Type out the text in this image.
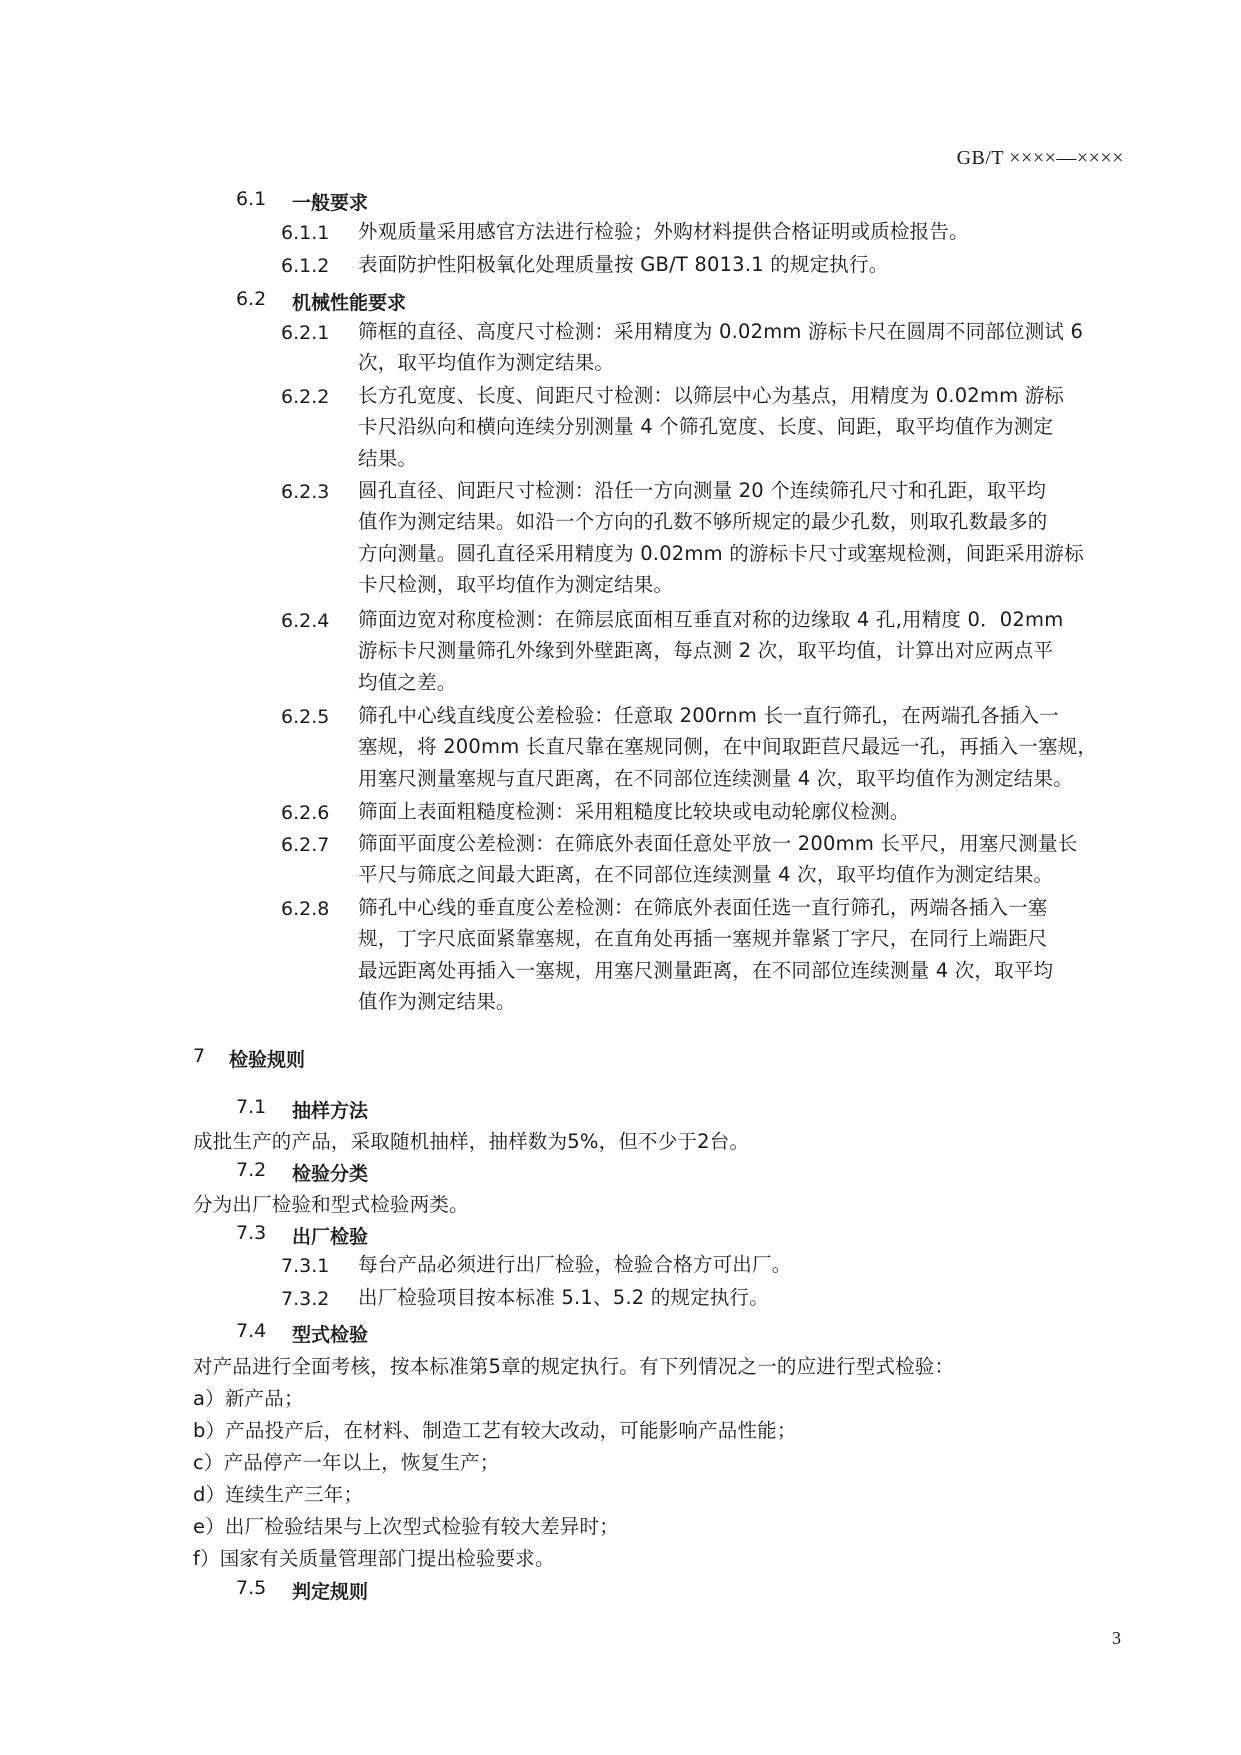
GB/T ××××—××××
3
6.1 一般要求
6.1.1 外观质量采用感官方法进行检验；外购材料提供合格证明或质检报告。
6.1.2 表面防护性阳极氧化处理质量按 GB/T 8013.1 的规定执行。
6.2 机械性能要求
6.2.1 筛框的直径、高度尺寸检测：采用精度为 0.02mm 游标卡尺在圆周不同部位测试 6
次，取平均值作为测定结果。
6.2.2 长方孔宽度、长度、间距尺寸检测：以筛层中心为基点，用精度为 0.02mm 游标
卡尺沿纵向和横向连续分别测量 4 个筛孔宽度、长度、间距，取平均值作为测定
结果。
6.2.3 圆孔直径、间距尺寸检测：沿任一方向测量 20 个连续筛孔尺寸和孔距，取平均
值作为测定结果。如沿一个方向的孔数不够所规定的最少孔数，则取孔数最多的
方向测量。圆孔直径采用精度为 0.02mm 的游标卡尺寸或塞规检测，间距采用游标
卡尺检测，取平均值作为测定结果。
6.2.4 筛面边宽对称度检测：在筛层底面相互垂直对称的边缘取 4 孔,用精度 0．02mm
游标卡尺测量筛孔外缘到外壁距离，每点测 2 次，取平均值，计算出对应两点平
均值之差。
6.2.5 筛孔中心线直线度公差检验：任意取 200rnm 长一直行筛孔，在两端孔各插入一
塞规，将 200mm 长直尺靠在塞规同侧，在中间取距苣尺最远一孔，再插入一塞规，
用塞尺测量塞规与直尺距离，在不同部位连续测量 4 次，取平均值作为测定结果。
6.2.6 筛面上表面粗糙度检测：采用粗糙度比较块或电动轮廓仪检测。
6.2.7 筛面平面度公差检测：在筛底外表面任意处平放一 200mm 长平尺，用塞尺测量长
平尺与筛底之间最大距离，在不同部位连续测量 4 次，取平均值作为测定结果。
6.2.8 筛孔中心线的垂直度公差检测：在筛底外表面任选一直行筛孔，两端各插入一塞
规，丁字尺底面紧靠塞规，在直角处再插一塞规并靠紧丁字尺，在同行上端距尺
最远距离处再插入一塞规，用塞尺测量距离，在不同部位连续测量 4 次，取平均
值作为测定结果。
7 检验规则
7.1 抽样方法
成批生产的产品，采取随机抽样，抽样数为5%，但不少于2台。
7.2 检验分类
分为出厂检验和型式检验两类。
7.3 出厂检验
7.3.1 每台产品必须进行出厂检验，检验合格方可出厂。
7.3.2 出厂检验项目按本标准 5.1、5.2 的规定执行。
7.4 型式检验
对产品进行全面考核，按本标准第5章的规定执行。有下列情况之一的应进行型式检验：
a）新产品；
b）产品投产后，在材料、制造工艺有较大改动，可能影响产品性能；
c）产品停产一年以上，恢复生产；
d）连续生产三年；
e）出厂检验结果与上次型式检验有较大差异时；
f）国家有关质量管理部门提出检验要求。
7.5 判定规则
